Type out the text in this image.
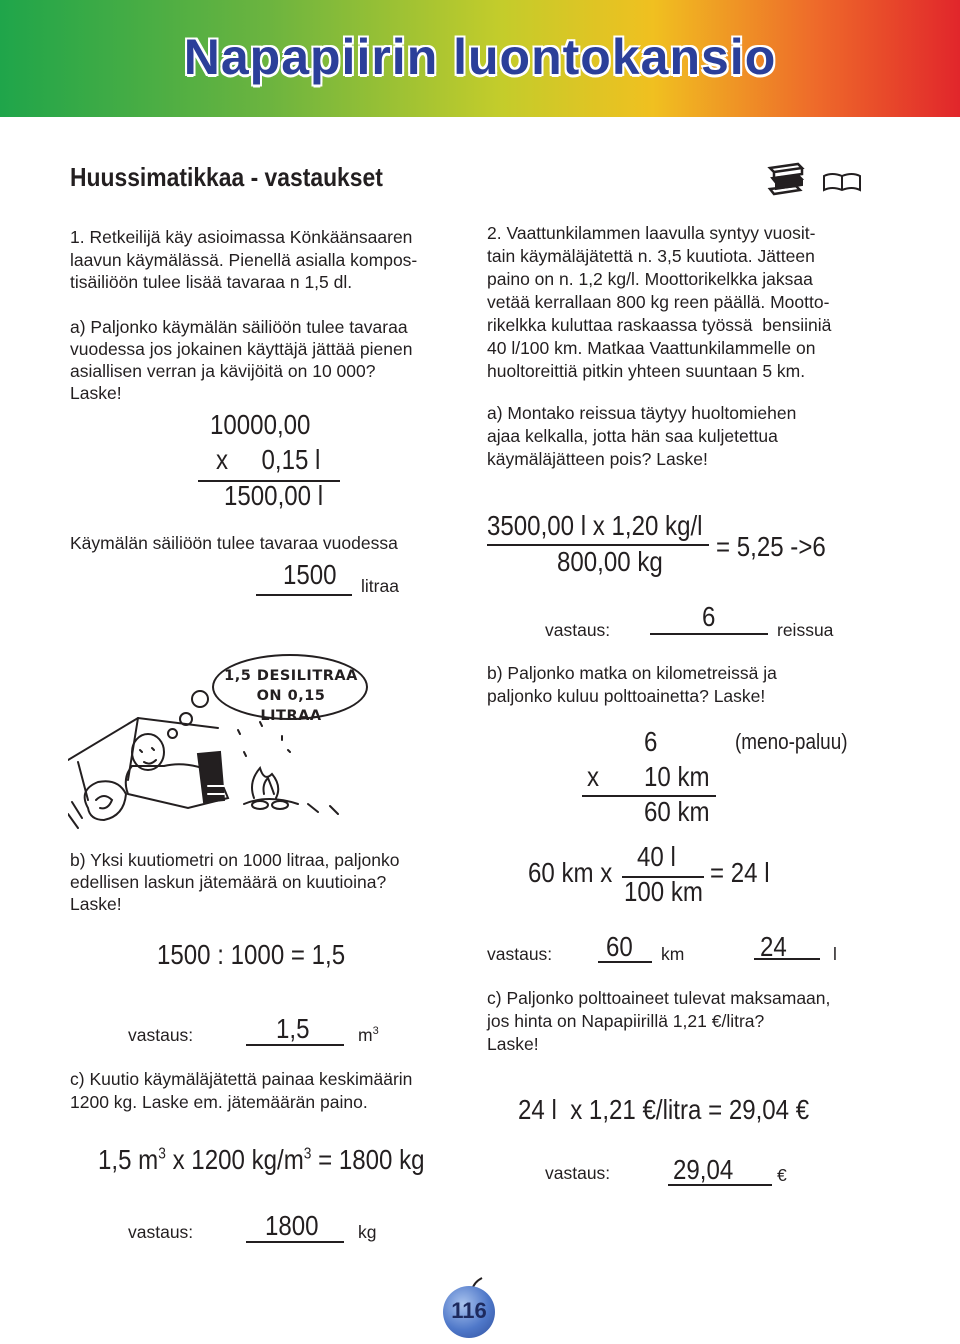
Napapiirin luontokansio
Huussimatikkaa - vastaukset
1. Retkeilijä käy asioimassa Könkäänsaaren laavun käymälässä. Pienellä asialla kompos-tisäiliöön tulee lisää tavaraa n 1,5 dl.
a) Paljonko käymälän säiliöön tulee tavaraa
vuodessa jos jokainen käyttäjä jättää pienen
asiallisen verran ja kävijöitä on 10 000?
Laske!
10000,00
x     0,15 l
1500,00 l
Käymälän säiliöön tulee tavaraa vuodessa
1500 litraa
1,5 DESILITRAA
ON 0,15 LITRAA
b) Yksi kuutiometri on 1000 litraa, paljonko
edellisen laskun jätemäärä on kuutioina?
Laske!
1500 : 1000 = 1,5
vastaus:	1,5	$m^3$
c) Kuutio käymäläjätettä painaa keskimäärin
1200 kg. Laske em. jätemäärän paino.
1,5 $m^3$ x 1200 $kg/m^3 = 1800$ kg
vastaus:	1800 kg
2. Vaattunkilammen laavulla syntyy vuosit-
tain käymäläjätettä n. 3,5 kuutiota. Jätteen
paino on n. 1,2 kg/l. Moottorikelkka jaksaa
vetää kerrallaan 800 kg reen päällä. Mootto-
rikelkka kuluttaa raskaassa työssä  bensiiniä
40 l/100 km. Matkaa Vaattunkilammelle on
huoltoreittiä pitkin yhteen suuntaan 5 km.
a) Montako reissua täytyy huoltomiehen
ajaa kelkalla, jotta hän saa kuljetettua
käymäläjätteen pois? Laske!
3500,00 l x 1,20 kg/l
800,00 kg = 5,25 ->6
vastaus:	6	reissua
b) Paljonko matka on kilometreissä ja
paljonko kuluu polttoainetta? Laske!
6	(meno-paluu)
x 10 km
60 km
60 km x
40 l
100 km
= 24 l
vastaus: 60 km	24	l
c) Paljonko polttoaineet tulevat maksamaan,
jos hinta on Napapiirillä 1,21 €/litra?
Laske!
24 l  x 1,21 €/litra = 29,04 €
vastaus: 29,04 €
116
